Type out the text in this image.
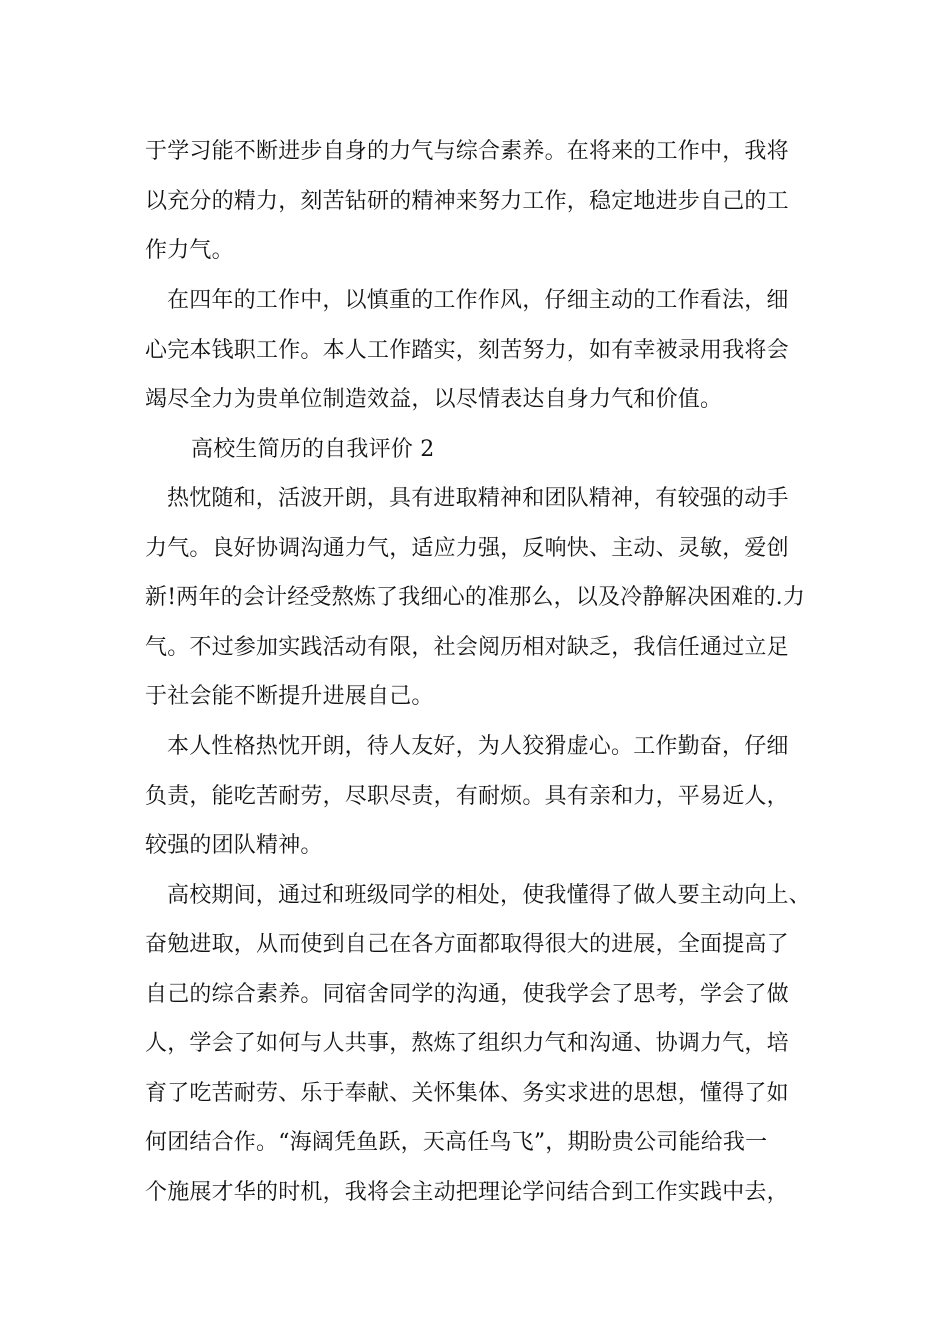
于学习能不断进步自身的力气与综合素养。在将来的工作中，我将
以充分的精力，刻苦钻研的精神来努力工作，稳定地进步自己的工
作力气。
在四年的工作中，以慎重的工作作风，仔细主动的工作看法，细
心完本钱职工作。本人工作踏实，刻苦努力，如有幸被录用我将会
竭尽全力为贵单位制造效益，以尽情表达自身力气和价值。
高校生简历的自我评价 2
热忱随和，活波开朗，具有进取精神和团队精神，有较强的动手
力气。良好协调沟通力气，适应力强，反响快、主动、灵敏，爱创
新!两年的会计经受熬炼了我细心的准那么，以及冷静解决困难的.力
气。不过参加实践活动有限，社会阅历相对缺乏，我信任通过立足
于社会能不断提升进展自己。
本人性格热忱开朗，待人友好，为人狡猾虚心。工作勤奋，仔细
负责，能吃苦耐劳，尽职尽责，有耐烦。具有亲和力，平易近人，
较强的团队精神。
高校期间，通过和班级同学的相处，使我懂得了做人要主动向上、
奋勉进取，从而使到自己在各方面都取得很大的进展，全面提高了
自己的综合素养。同宿舍同学的沟通，使我学会了思考，学会了做
人，学会了如何与人共事，熬炼了组织力气和沟通、协调力气，培
育了吃苦耐劳、乐于奉献、关怀集体、务实求进的思想，懂得了如
何团结合作。“海阔凭鱼跃，天高任鸟飞”，期盼贵公司能给我一
个施展才华的时机，我将会主动把理论学问结合到工作实践中去，
